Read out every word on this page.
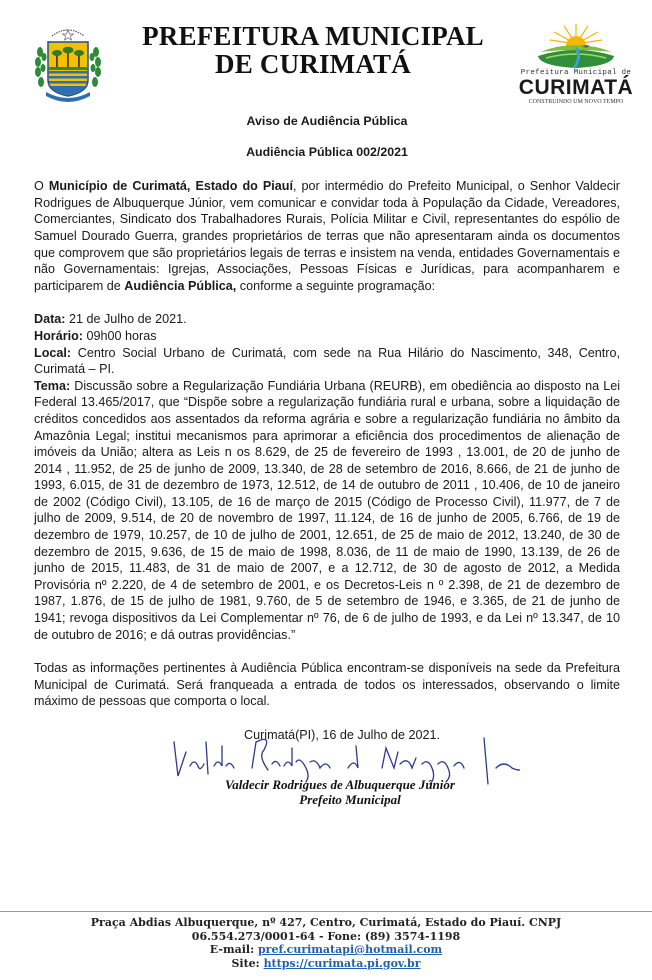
PREFEITURA MUNICIPAL
DE CURIMATÁ	Prefeitura Municipal de
CURIMATÁ
CONSTRUINDO UM NOVO TEMPO
Aviso de Audiência Pública
Audiência Pública 002/2021

O Município de Curimatá, Estado do Piauí, por intermédio do Prefeito Municipal, o Senhor Valdecir Rodrigues de Albuquerque Júnior, vem comunicar e convidar toda à População da Cidade, Vereadores, Comerciantes, Sindicato dos Trabalhadores Rurais, Polícia Militar e Civil, representantes do espólio de Samuel Dourado Guerra, grandes proprietários de terras que não apresentaram ainda os documentos que comprovem que são proprietários legais de terras e insistem na venda, entidades Governamentais e não Governamentais: Igrejas, Associações, Pessoas Físicas e Jurídicas, para acompanharem e participarem de Audiência Pública, conforme a seguinte programação:

Data: 21 de Julho de 2021.
Horário: 09h00 horas
Local: Centro Social Urbano de Curimatá, com sede na Rua Hilário do Nascimento, 348, Centro, Curimatá – PI.
Tema: Discussão sobre a Regularização Fundiária Urbana (REURB), em obediência ao disposto na Lei Federal 13.465/2017, que “Dispõe sobre a regularização fundiária rural e urbana, sobre a liquidação de créditos concedidos aos assentados da reforma agrária e sobre a regularização fundiária no âmbito da Amazônia Legal; institui mecanismos para aprimorar a eficiência dos procedimentos de alienação de imóveis da União; altera as Leis n os 8.629, de 25 de fevereiro de 1993 , 13.001, de 20 de junho de 2014 , 11.952, de 25 de junho de 2009, 13.340, de 28 de setembro de 2016, 8.666, de 21 de junho de 1993, 6.015, de 31 de dezembro de 1973, 12.512, de 14 de outubro de 2011 , 10.406, de 10 de janeiro de 2002 (Código Civil), 13.105, de 16 de março de 2015 (Código de Processo Civil), 11.977, de 7 de julho de 2009, 9.514, de 20 de novembro de 1997, 11.124, de 16 de junho de 2005, 6.766, de 19 de dezembro de 1979, 10.257, de 10 de julho de 2001, 12.651, de 25 de maio de 2012, 13.240, de 30 de dezembro de 2015, 9.636, de 15 de maio de 1998, 8.036, de 11 de maio de 1990, 13.139, de 26 de junho de 2015, 11.483, de 31 de maio de 2007, e a 12.712, de 30 de agosto de 2012, a Medida Provisória nº 2.220, de 4 de setembro de 2001, e os Decretos-Leis n º 2.398, de 21 de dezembro de 1987, 1.876, de 15 de julho de 1981, 9.760, de 5 de setembro de 1946, e 3.365, de 21 de junho de 1941; revoga dispositivos da Lei Complementar nº 76, de 6 de julho de 1993, e da Lei nº 13.347, de 10 de outubro de 2016; e dá outras providências.”
Todas as informações pertinentes à Audiência Pública encontram-se disponíveis na sede da Prefeitura Municipal de Curimatá. Será franqueada a entrada de todos os interessados, observando o limite máximo de pessoas que comporta o local.
Curimatá(PI), 16 de Julho de 2021.
Valdecir Rodrigues de Albuquerque Júnior
Prefeito Municipal
Praça Abdias Albuquerque, nº 427, Centro, Curimatá, Estado do Piauí. CNPJ
06.554.273/0001-64 - Fone: (89) 3574-1198
E-mail: pref.curimatapi@hotmail.com
Site: https://curimata.pi.gov.br
